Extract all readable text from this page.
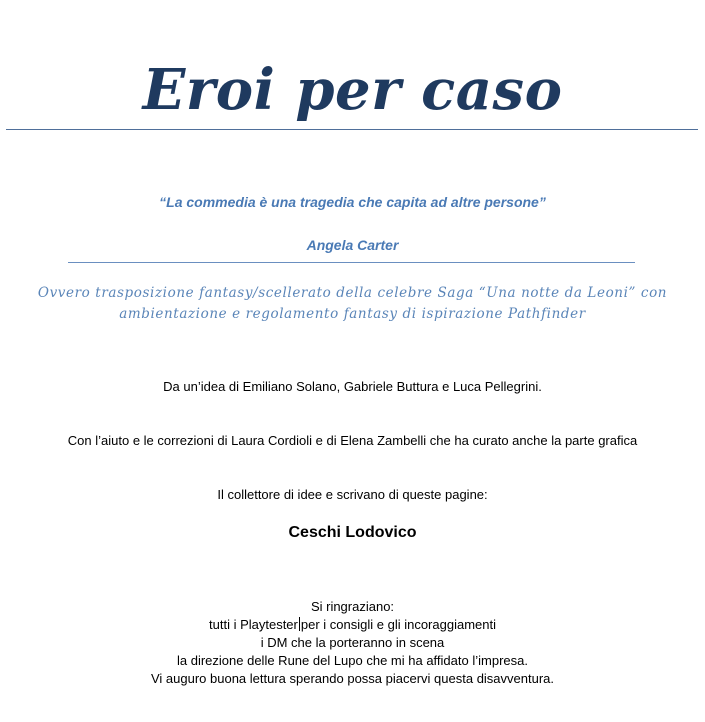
Eroi per caso
“La commedia è una tragedia che capita ad altre persone”
Angela Carter
Ovvero trasposizione fantasy/scellerato della celebre Saga “Una notte da Leoni” con ambientazione e regolamento fantasy di ispirazione Pathfinder
Da un’idea di Emiliano Solano, Gabriele Buttura e Luca Pellegrini.
Con l’aiuto e le correzioni di Laura Cordioli e di Elena Zambelli che ha curato anche la parte grafica
Il collettore di idee e scrivano di queste pagine:
Ceschi Lodovico
Si ringraziano:
tutti i Playtester per i consigli e gli incoraggiamenti
i DM che la porteranno in scena
la direzione delle Rune del Lupo che mi ha affidato l’impresa.
Vi auguro buona lettura sperando possa piacervi questa disavventura.
